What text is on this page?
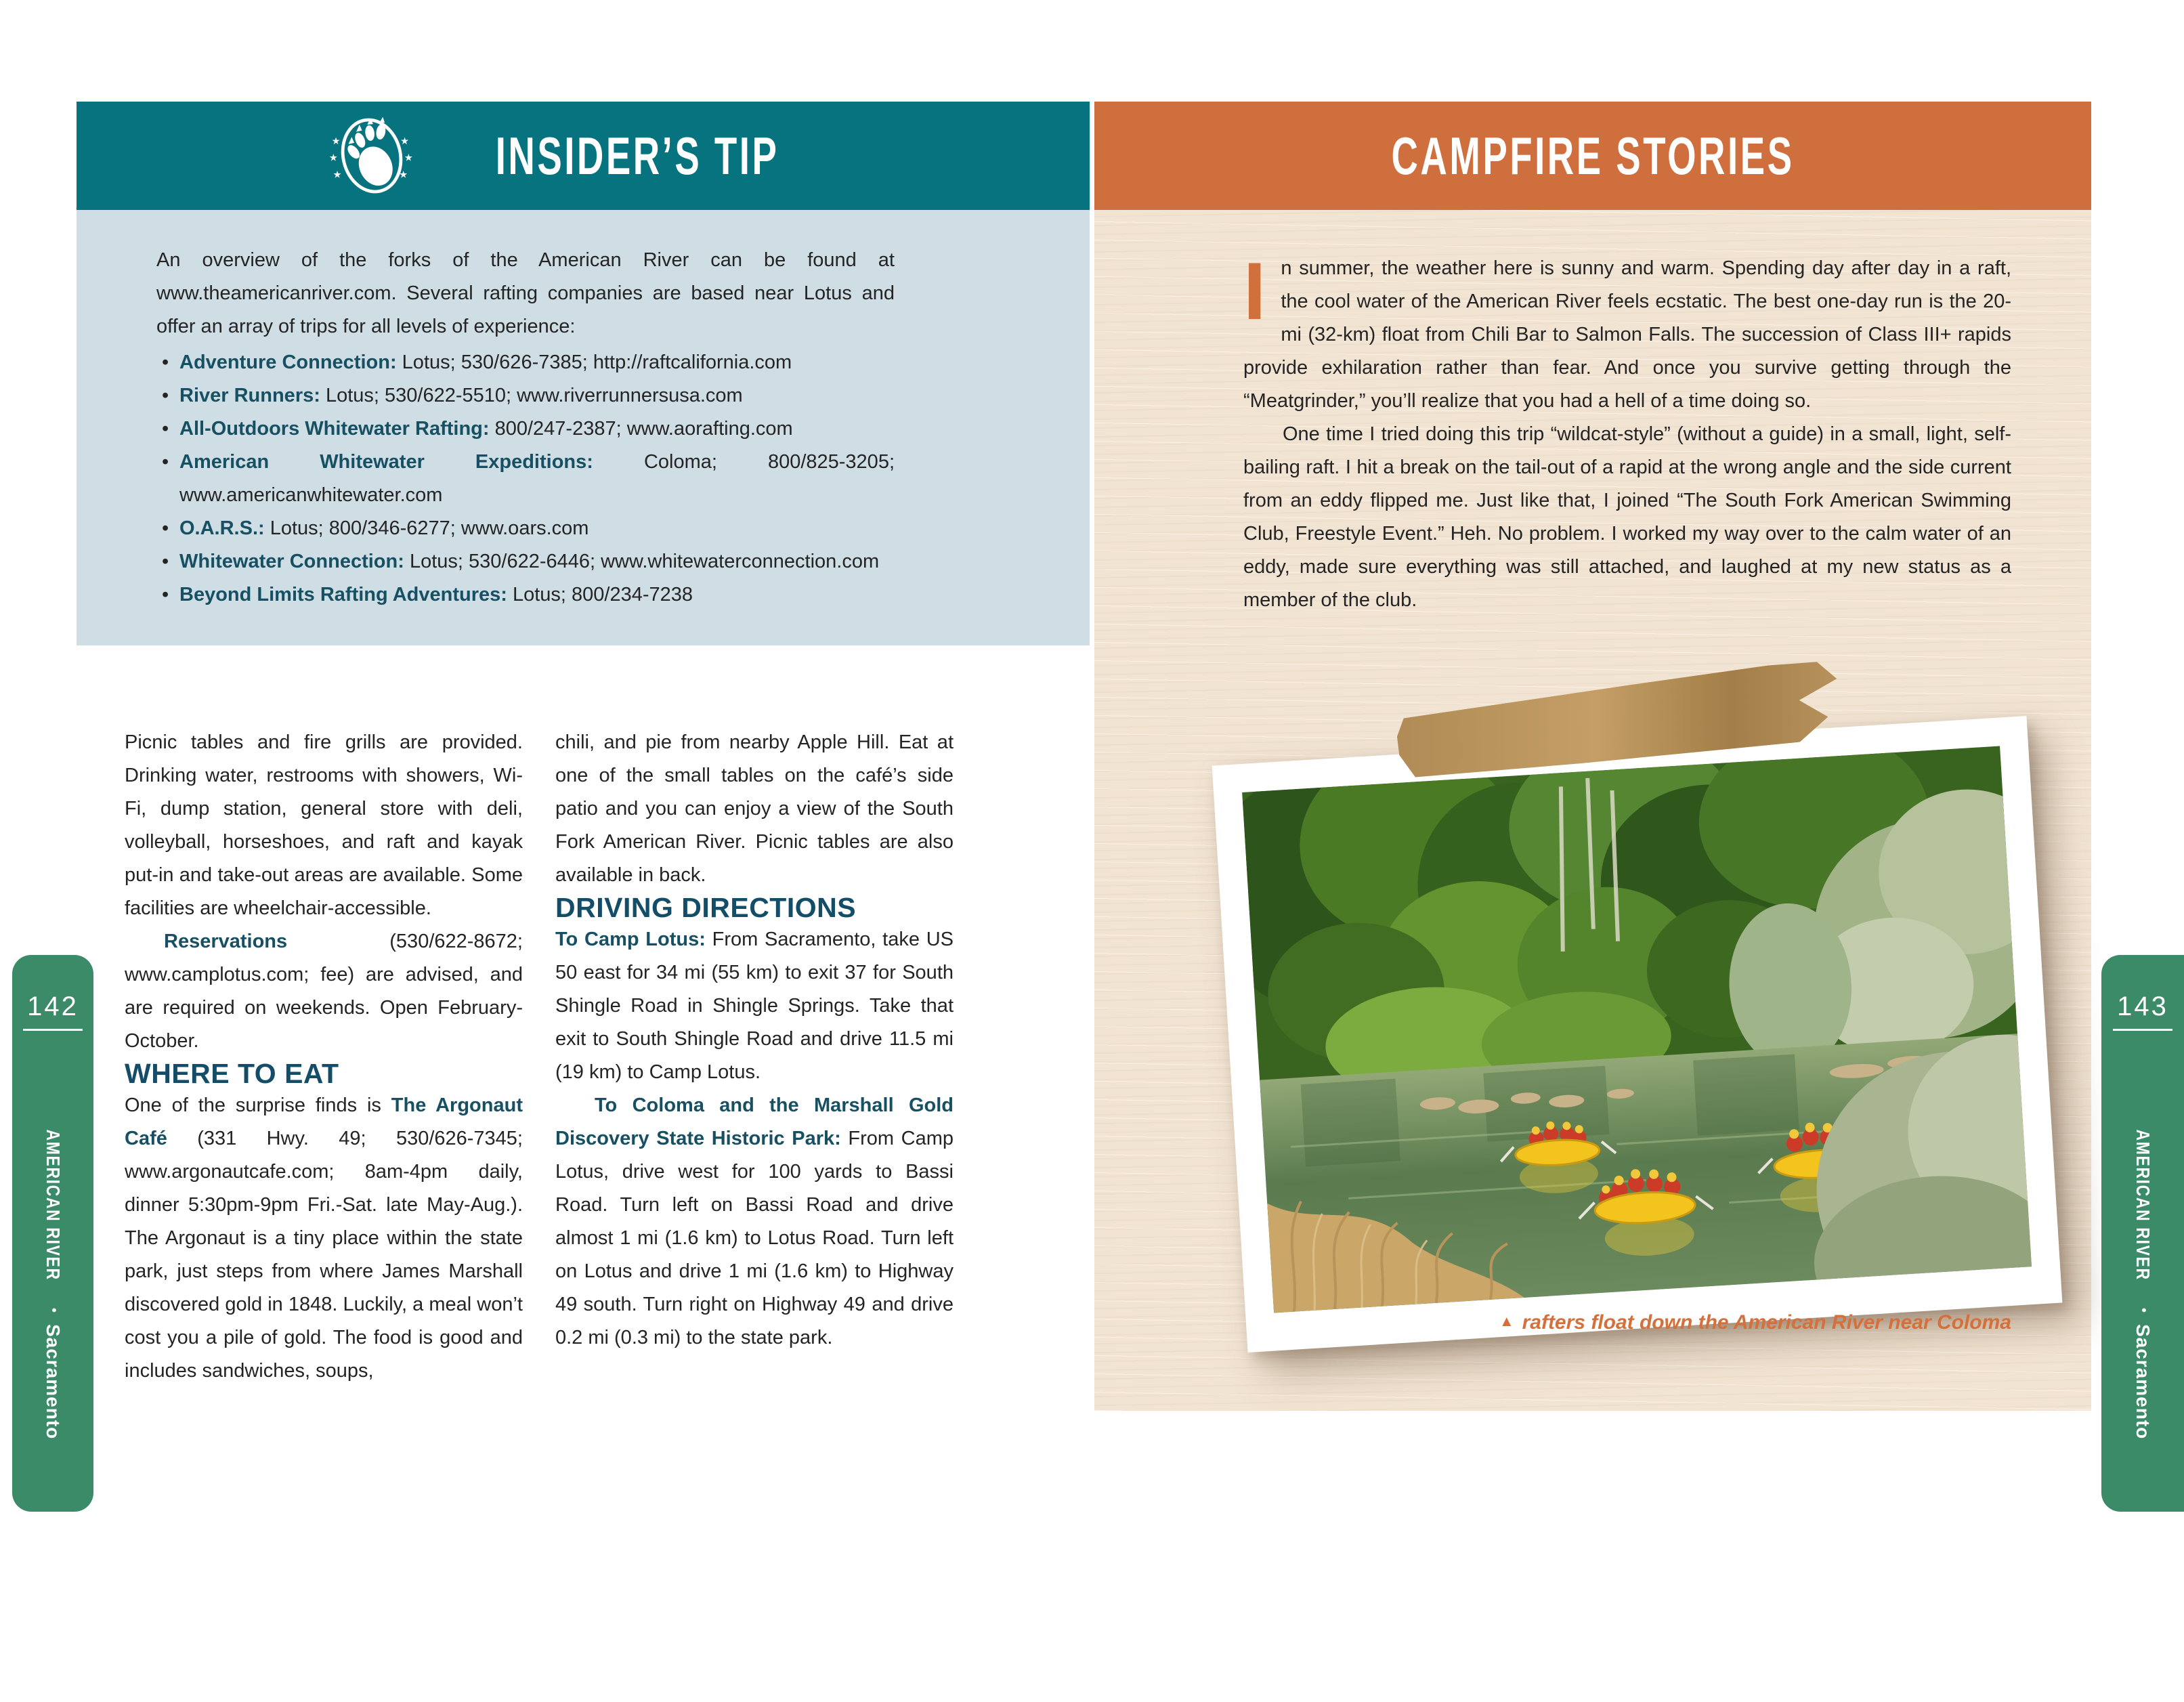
★
★
★
★
★
★ INSIDER’S TIP

An overview of the forks of the American River can be found at www.theamericanriver.com. Several rafting companies are based near Lotus and offer an array of trips for all levels of experience:

• Adventure Connection: Lotus; 530/626-7385; http://raftcalifornia.com
• River Runners: Lotus; 530/622-5510; www.riverrunnersusa.com
• All-Outdoors Whitewater Rafting: 800/247-2387; www.aorafting.com
• American Whitewater Expeditions: Coloma; 800/825-3205; www.americanwhitewater.com
• O.A.R.S.: Lotus; 800/346-6277; www.oars.com
• Whitewater Connection: Lotus; 530/622-6446; www.whitewaterconnection.com
• Beyond Limits Rafting Adventures: Lotus; 800/234-7238

Picnic tables and fire grills are provided. Drinking water, restrooms with showers, Wi-Fi, dump station, general store with deli, volleyball, horseshoes, and raft and kayak put-in and take-out areas are available. Some facilities are wheelchair-accessible.

Reservations (530/622-8672; www.camplotus.com; fee) are advised, and are required on weekends. Open February-October.

WHERE TO EAT

One of the surprise finds is The Argonaut Café (331 Hwy. 49; 530/626-7345; www.argonautcafe.com; 8am-4pm daily, dinner 5:30pm-9pm Fri.-Sat. late May-Aug.). The Argonaut is a tiny place within the state park, just steps from where James Marshall discovered gold in 1848. Luckily, a meal won’t cost you a pile of gold. The food is good and includes sandwiches, soups,

chili, and pie from nearby Apple Hill. Eat at one of the small tables on the café’s side patio and you can enjoy a view of the South Fork American River. Picnic tables are also available in back.

DRIVING DIRECTIONS

To Camp Lotus: From Sacramento, take US 50 east for 34 mi (55 km) to exit 37 for South Shingle Road in Shingle Springs. Take that exit to South Shingle Road and drive 11.5 mi (19 km) to Camp Lotus.

To Coloma and the Marshall Gold Discovery State Historic Park: From Camp Lotus, drive west for 100 yards to Bassi Road. Turn left on Bassi Road and drive almost 1 mi (1.6 km) to Lotus Road. Turn left on Lotus and drive 1 mi (1.6 km) to Highway 49 south. Turn right on Highway 49 and drive 0.2 mi (0.3 mi) to the state park.

CAMPFIRE STORIES

In summer, the weather here is sunny and warm. Spending day after day in a raft, the cool water of the American River feels ecstatic. The best one-day run is the 20-mi (32-km) float from Chili Bar to Salmon Falls. The succession of Class III+ rapids provide exhilaration rather than fear. And once you survive getting through the “Meatgrinder,” you’ll realize that you had a hell of a time doing so.

One time I tried doing this trip “wildcat-style” (without a guide) in a small, light, self-bailing raft. I hit a break on the tail-out of a rapid at the wrong angle and the side current from an eddy flipped me. Just like that, I joined “The South Fork American Swimming Club, Freestyle Event.” Heh. No problem. I worked my way over to the calm water of an eddy, made sure everything was still attached, and laughed at my new status as a member of the club.

▲ rafters float down the American River near Coloma
142
AMERICAN RIVER•Sacramento
143
AMERICAN RIVER•Sacramento
